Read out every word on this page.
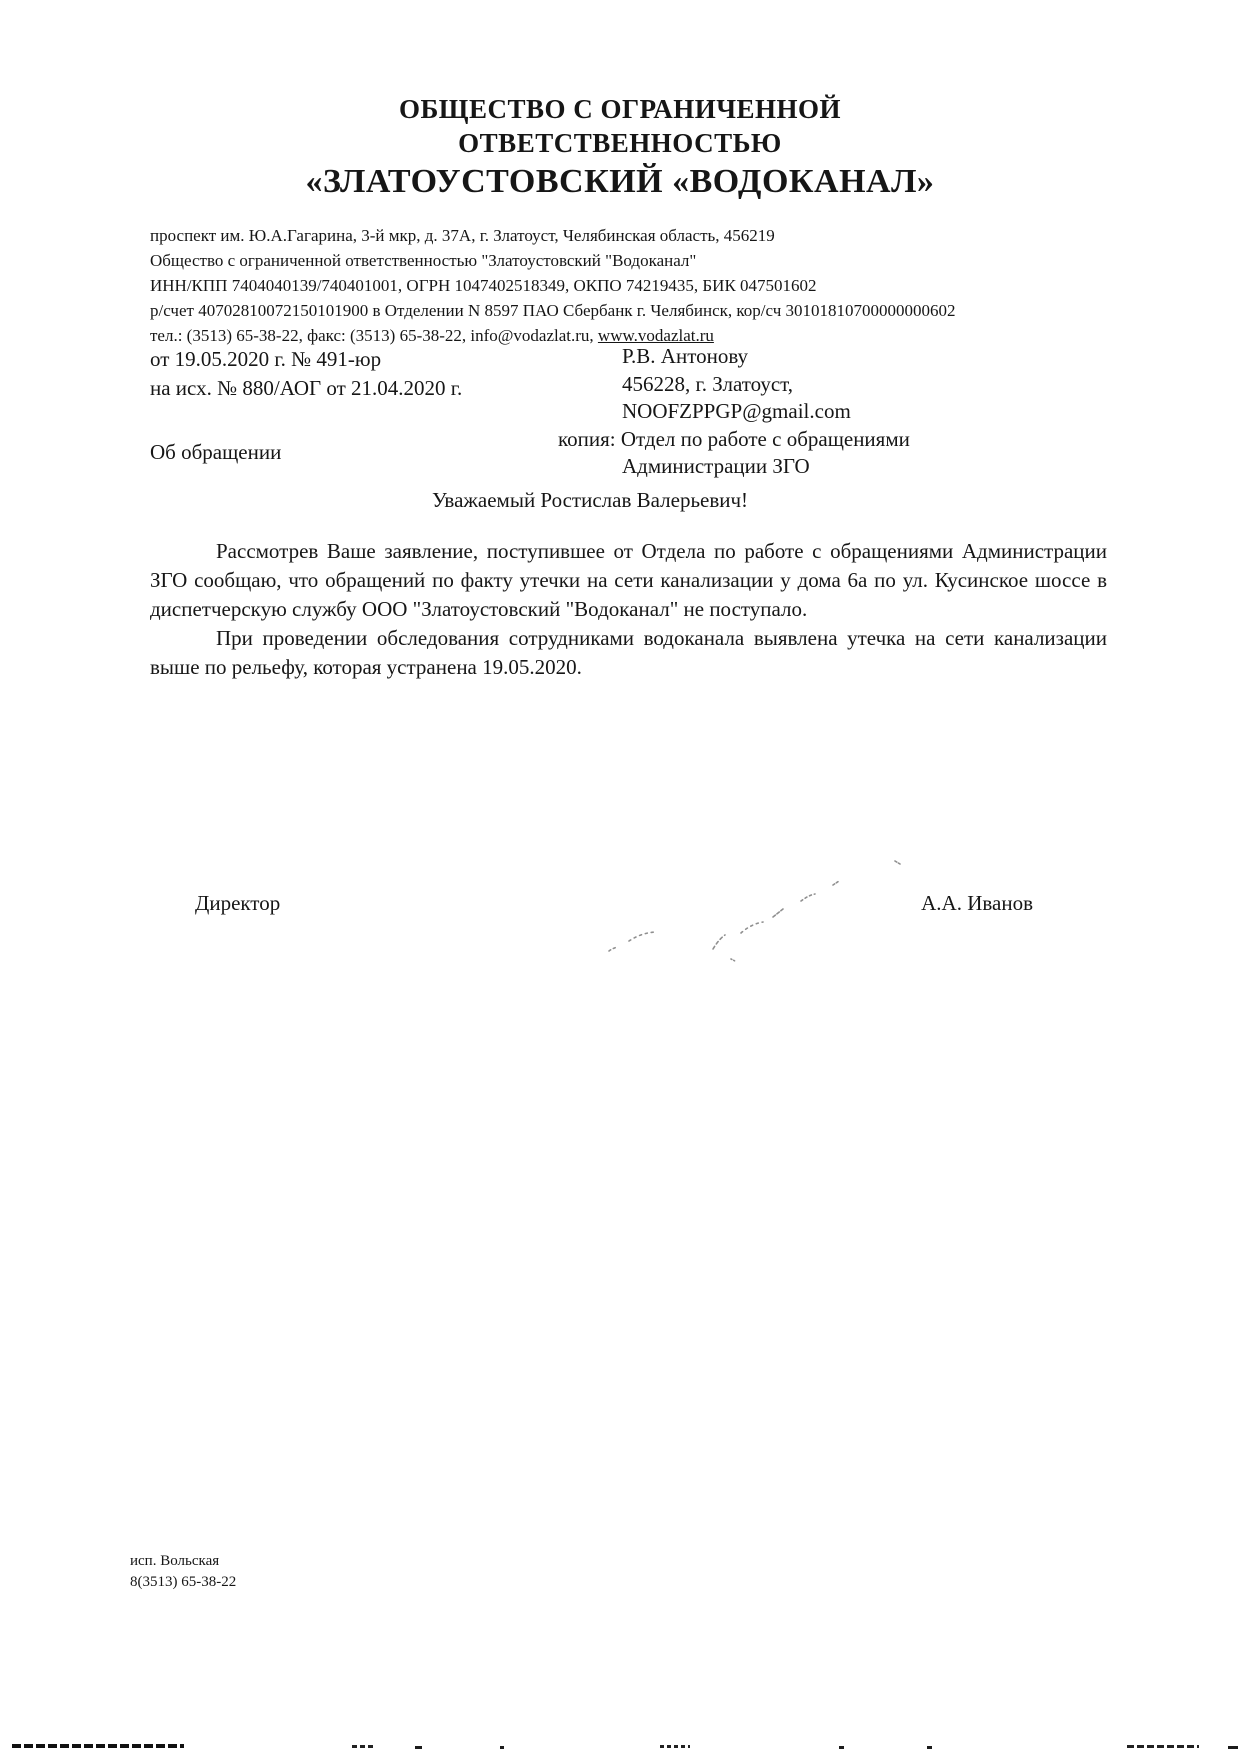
ОБЩЕСТВО С ОГРАНИЧЕННОЙ
ОТВЕТСТВЕННОСТЬЮ
«ЗЛАТОУСТОВСКИЙ «ВОДОКАНАЛ»
проспект им. Ю.А.Гагарина, 3-й мкр, д. 37А, г. Златоуст, Челябинская область, 456219
Общество с ограниченной ответственностью "Златоустовский "Водоканал"
ИНН/КПП 7404040139/740401001, ОГРН 1047402518349, ОКПО 74219435, БИК 047501602
р/счет 40702810072150101900 в Отделении N 8597 ПАО Сбербанк г. Челябинск, кор/сч 30101810700000000602
тел.: (3513) 65-38-22, факс: (3513) 65-38-22, info@vodazlat.ru, www.vodazlat.ru
от 19.05.2020 г. № 491-юр
на исх. № 880/АОГ от 21.04.2020 г.
Р.В. Антонову
456228, г. Златоуст,
NOOFZPPGP@gmail.com
копия: Отдел по работе с обращениями
Администрации ЗГО
Об обращении
Уважаемый Ростислав Валерьевич!

Рассмотрев Ваше заявление, поступившее от Отдела по работе с обращениями Администрации ЗГО сообщаю, что обращений по факту утечки на сети канализации у дома 6а по ул. Кусинское шоссе в диспетчерскую службу ООО "Златоустовский "Водоканал" не поступало.

При проведении обследования сотрудниками водоканала выявлена утечка на сети канализации выше по рельефу, которая устранена 19.05.2020.

Директор	А.А. Иванов
исп. Вольская
8(3513) 65-38-22
